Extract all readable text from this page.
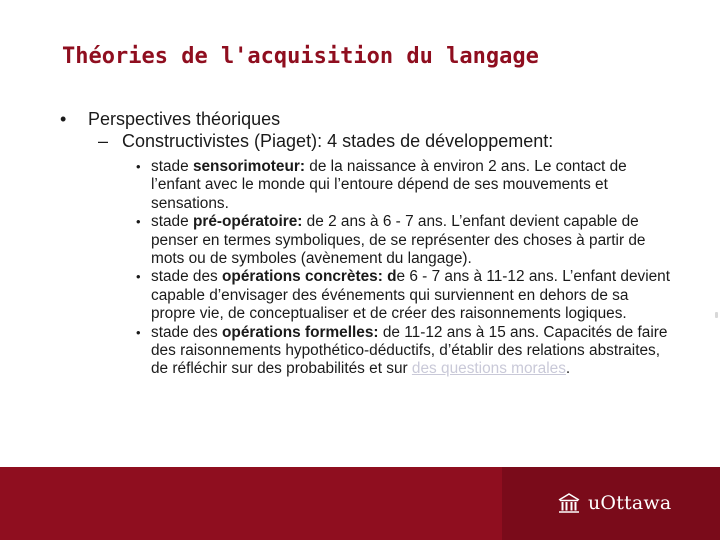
Théories de l'acquisition du langage
• Perspectives théoriques
– Constructivistes (Piaget): 4 stades de développement:
• stade sensorimoteur: de la naissance à environ 2 ans. Le contact de l’enfant avec le monde qui l’entoure dépend de ses mouvements et sensations.
• stade pré-opératoire: de 2 ans à 6 - 7 ans. L’enfant devient capable de penser en termes symboliques, de se représenter des choses à partir de mots ou de symboles (avènement du langage).
• stade des opérations concrètes: de 6 - 7 ans à 11-12 ans. L’enfant devient capable d’envisager des événements qui surviennent en dehors de sa propre vie, de conceptualiser et de créer des raisonnements logiques.
• stade des opérations formelles: de 11-12 ans à 15 ans. Capacités de faire des raisonnements hypothético-déductifs, d’établir des relations abstraites, de réfléchir sur des probabilités et sur des questions morales.
uOttawa
